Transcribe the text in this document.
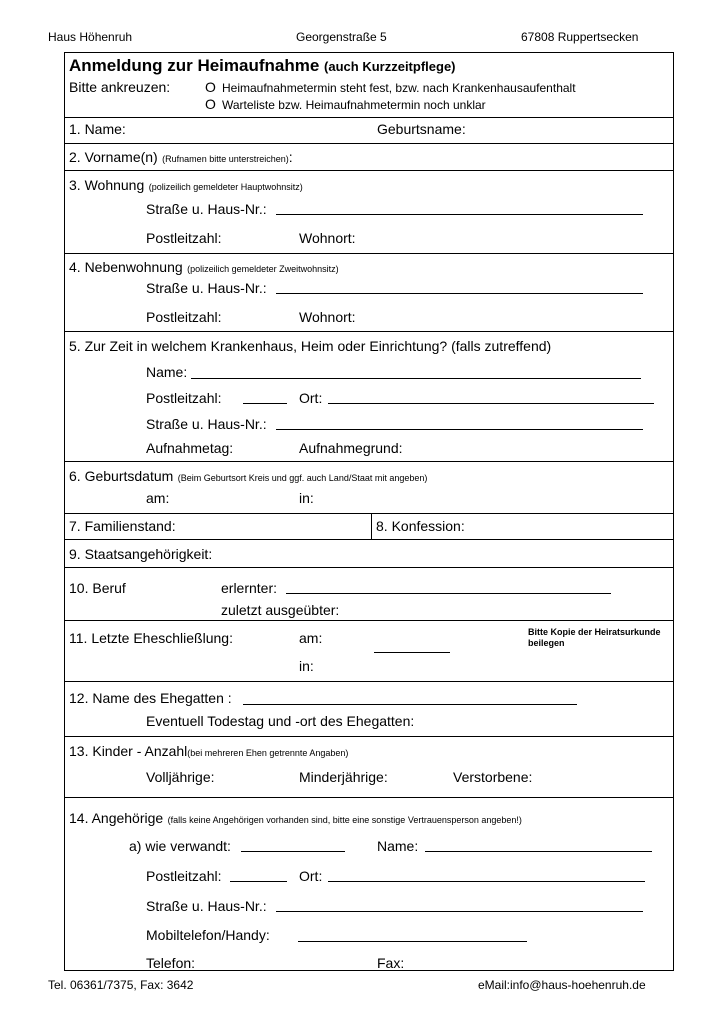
Haus Höhenruh	Georgenstraße 5	67808 Ruppertsecken
Anmeldung zur Heimaufnahme (auch Kurzzeitpflege)
Bitte ankreuzen: O Heimaufnahmetermin steht fest, bzw. nach Krankenhausaufenthalt
O Warteliste bzw. Heimaufnahmetermin noch unklar
1. Name:	Geburtsname:
2. Vorname(n) (Rufnamen bitte unterstreichen):
3. Wohnung (polizeilich gemeldeter Hauptwohnsitz)
Straße u. Haus-Nr.:
Postleitzahl:	Wohnort:
4. Nebenwohnung (polizeilich gemeldeter Zweitwohnsitz)
Straße u. Haus-Nr.:
Postleitzahl:	Wohnort:
5. Zur Zeit in welchem Krankenhaus, Heim oder Einrichtung? (falls zutreffend)
Name:
Postleitzahl:	Ort:
Straße u. Haus-Nr.:
Aufnahmetag:	Aufnahmegrund:
6. Geburtsdatum (Beim Geburtsort Kreis und ggf. auch Land/Staat mit angeben)
am:	in:
7. Familienstand:	8. Konfession:
9. Staatsangehörigkeit:
10. Beruf	erlernter:
zuletzt ausgeübter:
11. Letzte Eheschließlung:	am:	Bitte Kopie der Heiratsurkunde beilegen
in:
12. Name des Ehegatten :
Eventuell Todestag und -ort des Ehegatten:
13. Kinder - Anzahl(bei mehreren Ehen getrennte Angaben)
Volljährige:	Minderjährige:	Verstorbene:
14. Angehörige (falls keine Angehörigen vorhanden sind, bitte eine sonstige Vertrauensperson angeben!)
a) wie verwandt:	Name:
Postleitzahl:	Ort:
Straße u. Haus-Nr.:
Mobiltelefon/Handy:
Telefon:	Fax:
Tel. 06361/7375, Fax: 3642	eMail:info@haus-hoehenruh.de
